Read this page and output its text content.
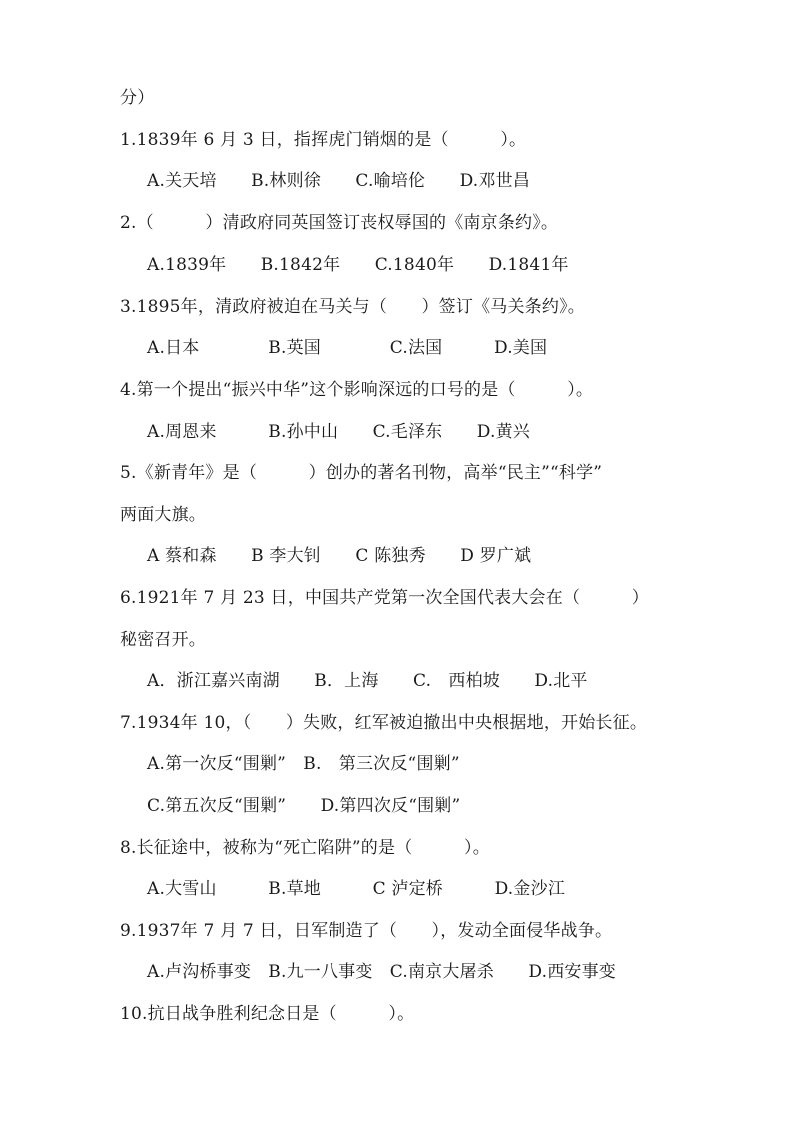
分）
1.1839年 6 月 3 日，指挥虎门销烟的是（　　　）。
A.关天培　　B.林则徐　　C.喻培伦　　D.邓世昌
2.（　　　）清政府同英国签订丧权辱国的《南京条约》。
A.1839年　　B.1842年　　C.1840年　　D.1841年
3.1895年，清政府被迫在马关与（　　）签订《马关条约》。
A.日本　　　　B.英国　　　　C.法国　　　D.美国
4.第一个提出“振兴中华”这个影响深远的口号的是（　　　）。
A.周恩来　　　B.孙中山　　C.毛泽东　　D.黄兴
5.《新青年》是（　　　）创办的著名刊物，高举“民主”“科学”
两面大旗。
A 蔡和森　　B 李大钊　　C 陈独秀　　D 罗广斌
6.1921年 7 月 23 日，中国共产党第一次全国代表大会在（　　　）
秘密召开。
A．浙江嘉兴南湖　　B．上海　　C.　西柏坡　　D.北平
7.1934年 10，（　　）失败，红军被迫撤出中央根据地，开始长征。
A.第一次反“围剿”　B.　第三次反“围剿”
C.第五次反“围剿”　　D.第四次反“围剿”
8.长征途中，被称为“死亡陷阱”的是（　　　）。
A.大雪山　　　B.草地　　　C 泸定桥　　　D.金沙江
9.1937年 7 月 7 日，日军制造了（　　），发动全面侵华战争。
A.卢沟桥事变　B.九一八事变　C.南京大屠杀　　D.西安事变
10.抗日战争胜利纪念日是（　　　）。
